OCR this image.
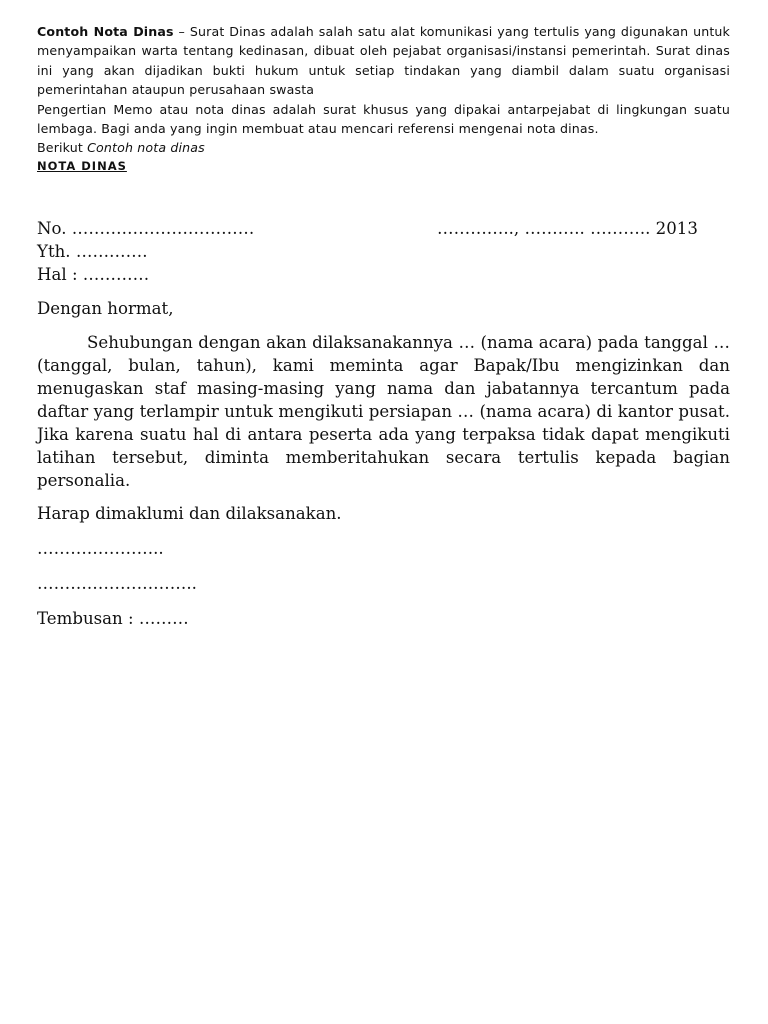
Contoh Nota Dinas – Surat Dinas adalah salah satu alat komunikasi yang tertulis yang digunakan untuk menyampaikan warta tentang kedinasan, dibuat oleh pejabat organisasi/instansi pemerintah. Surat dinas ini yang akan dijadikan bukti hukum untuk setiap tindakan yang diambil dalam suatu organisasi pemerintahan ataupun perusahaan swasta

Pengertian Memo atau nota dinas adalah surat khusus yang dipakai antarpejabat di lingkungan suatu lembaga. Bagi anda yang ingin membuat atau mencari referensi mengenai nota dinas.

Berikut Contoh nota dinas

NOTA DINAS

No. ……………………………	………….., ……….. ……….. 2013

Yth. ………….

Hal : …………

Dengan hormat,

Sehubungan dengan akan dilaksanakannya … (nama acara) pada tanggal … (tanggal, bulan, tahun), kami meminta agar Bapak/Ibu mengizinkan dan menugaskan staf masing-masing yang nama dan jabatannya tercantum pada daftar yang terlampir untuk mengikuti persiapan … (nama acara) di kantor pusat. Jika karena suatu hal di antara peserta ada yang terpaksa tidak dapat mengikuti latihan tersebut, diminta memberitahukan secara tertulis kepada bagian personalia.

Harap dimaklumi dan dilaksanakan.

…………………..

………………………..

Tembusan : ………
